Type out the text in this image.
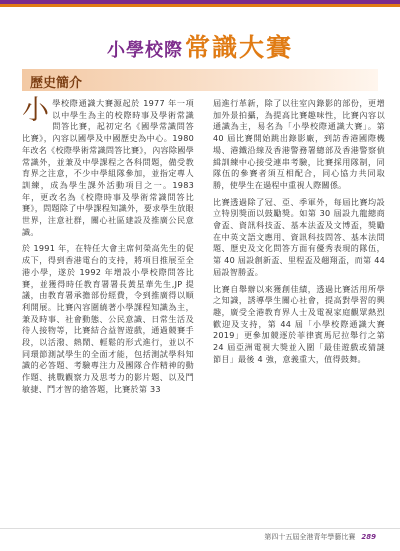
小學校際常識大賽
歷史簡介

小學校際通識大賽源起於 1977 年一項以中學生為主的校際時事及學術常識問答比賽，起初定名《國學常識問答比賽》，內容以國學及中國歷史為中心。1980 年改名《校際學術常識問答比賽》，內容除國學常識外，並兼及中學課程之各科問題，備受教育界之注意，不少中學組隊參加，並指定專人訓練，成為學生課外活動項目之一。1983 年，更改名為《校際時事及學術常識問答比賽》，問題除了中學課程知識外，要求學生放眼世界，注意社群，關心社區建設及推廣公民意識。

於 1991 年，在特任大會主席何榮高先生的促成下，得到香港電台的支持，將項目推展至全港小學，遂於 1992 年增設小學校際問答比賽，並獲得時任教育署署長黃星華先生,JP 提議，由教育署承擔部份經費，令到推廣得以順利開展。比賽內容圍繞著小學課程知識為主，兼及時事、社會動態、公民意識、日常生活及待人接物等，比賽結合益智遊戲，通過競賽手段，以活潑、熱鬧、輕鬆的形式進行，並以不同環節測試學生的全面才能，包括測試學科知識的必答題、考驗專注力及團隊合作精神的動作題、挑戰觀察力及思考力的影片題、以及鬥敏捷、鬥才智的搶答題，比賽於第 33

屆進行革新，除了以往室內錄影的部份，更增加外景拍攝，為提高比賽趣味性，比賽內容以通識為主，易名為「小學校際通識大賽」。第 40 屆比賽開始跳出錄影廠，到訪香港國際機場、港鐵沿線及香港警務署總部及香港警察偵緝訓練中心接受連串考驗，比賽採用隊制，同隊伍的參賽者須互相配合，同心協力共同取勝，使學生在過程中重視人際關係。

比賽透過除了冠、亞、季軍外，每屆比賽均設立特別獎面以鼓勵獎。如第 30 屆設九龍總商會盃、資訊科技盃、基本法盃及文博盃，獎勵在中英文語文應用、資訊科技問答、基本法問題、歷史及文化問答方面有優秀表現的隊伍，第 40 屆設創新盃、里程盃及翹翔盃，而第 44 屆設智勝盃。

比賽自舉辦以來獲創佳績，透過比賽活用所學之知識，誘導學生關心社會，提高對學習的興趣，廣受全港教育界人士及電視家庭觀眾熱烈歡迎及支持，第 44 屆「小學校際通識大賽 2019」更參加競逐於菲律賓馬尼拉舉行之第 24 屆亞洲電視大獎並入圍「最佳遊戲或猜謎節目」最後 4 強，意義重大，值得鼓舞。

第四十五屆全港青年學藝比賽 289
